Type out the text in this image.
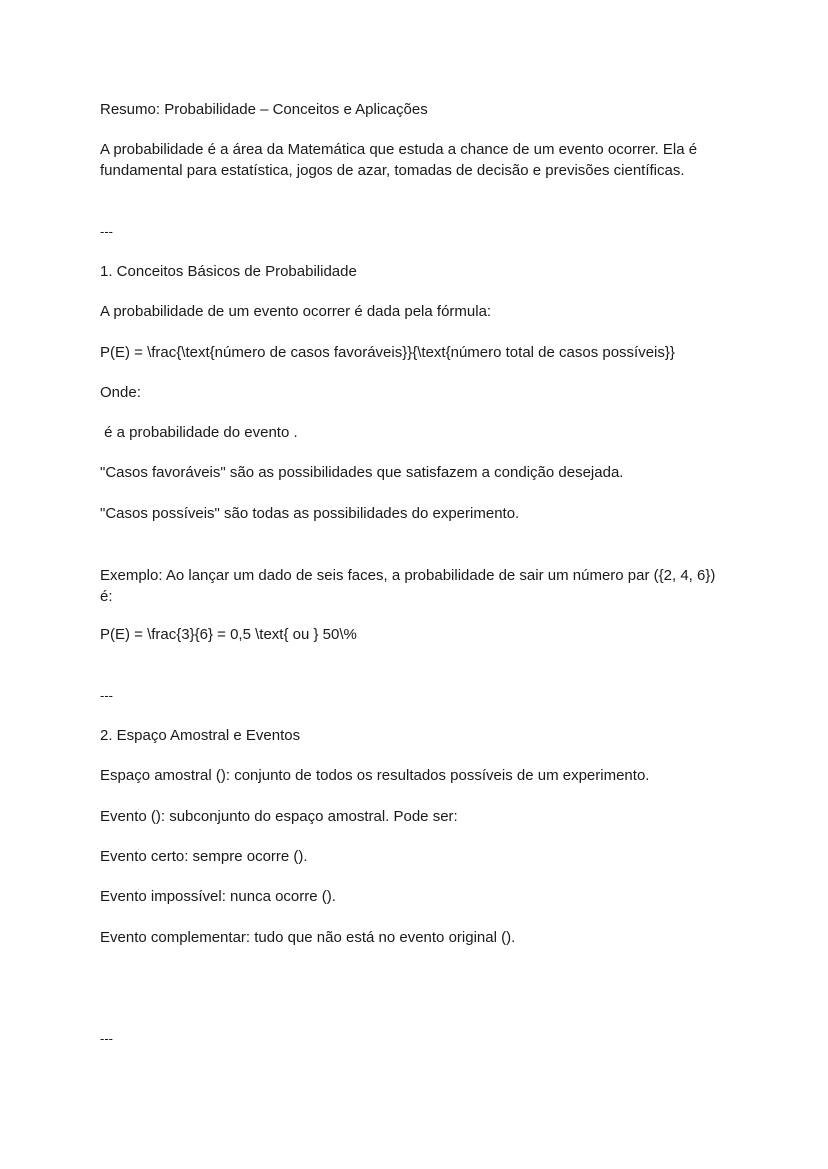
Resumo: Probabilidade – Conceitos e Aplicações

A probabilidade é a área da Matemática que estuda a chance de um evento ocorrer. Ela é fundamental para estatística, jogos de azar, tomadas de decisão e previsões científicas.

---

1. Conceitos Básicos de Probabilidade

A probabilidade de um evento ocorrer é dada pela fórmula:

P(E) = \frac{\text{número de casos favoráveis}}{\text{número total de casos possíveis}}

Onde:

é a probabilidade do evento .

"Casos favoráveis" são as possibilidades que satisfazem a condição desejada.

"Casos possíveis" são todas as possibilidades do experimento.

Exemplo: Ao lançar um dado de seis faces, a probabilidade de sair um número par ({2, 4, 6}) é:

P(E) = \frac{3}{6} = 0,5 \text{ ou } 50\%

---

2. Espaço Amostral e Eventos

Espaço amostral (): conjunto de todos os resultados possíveis de um experimento.

Evento (): subconjunto do espaço amostral. Pode ser:

Evento certo: sempre ocorre ().

Evento impossível: nunca ocorre ().

Evento complementar: tudo que não está no evento original ().

---
